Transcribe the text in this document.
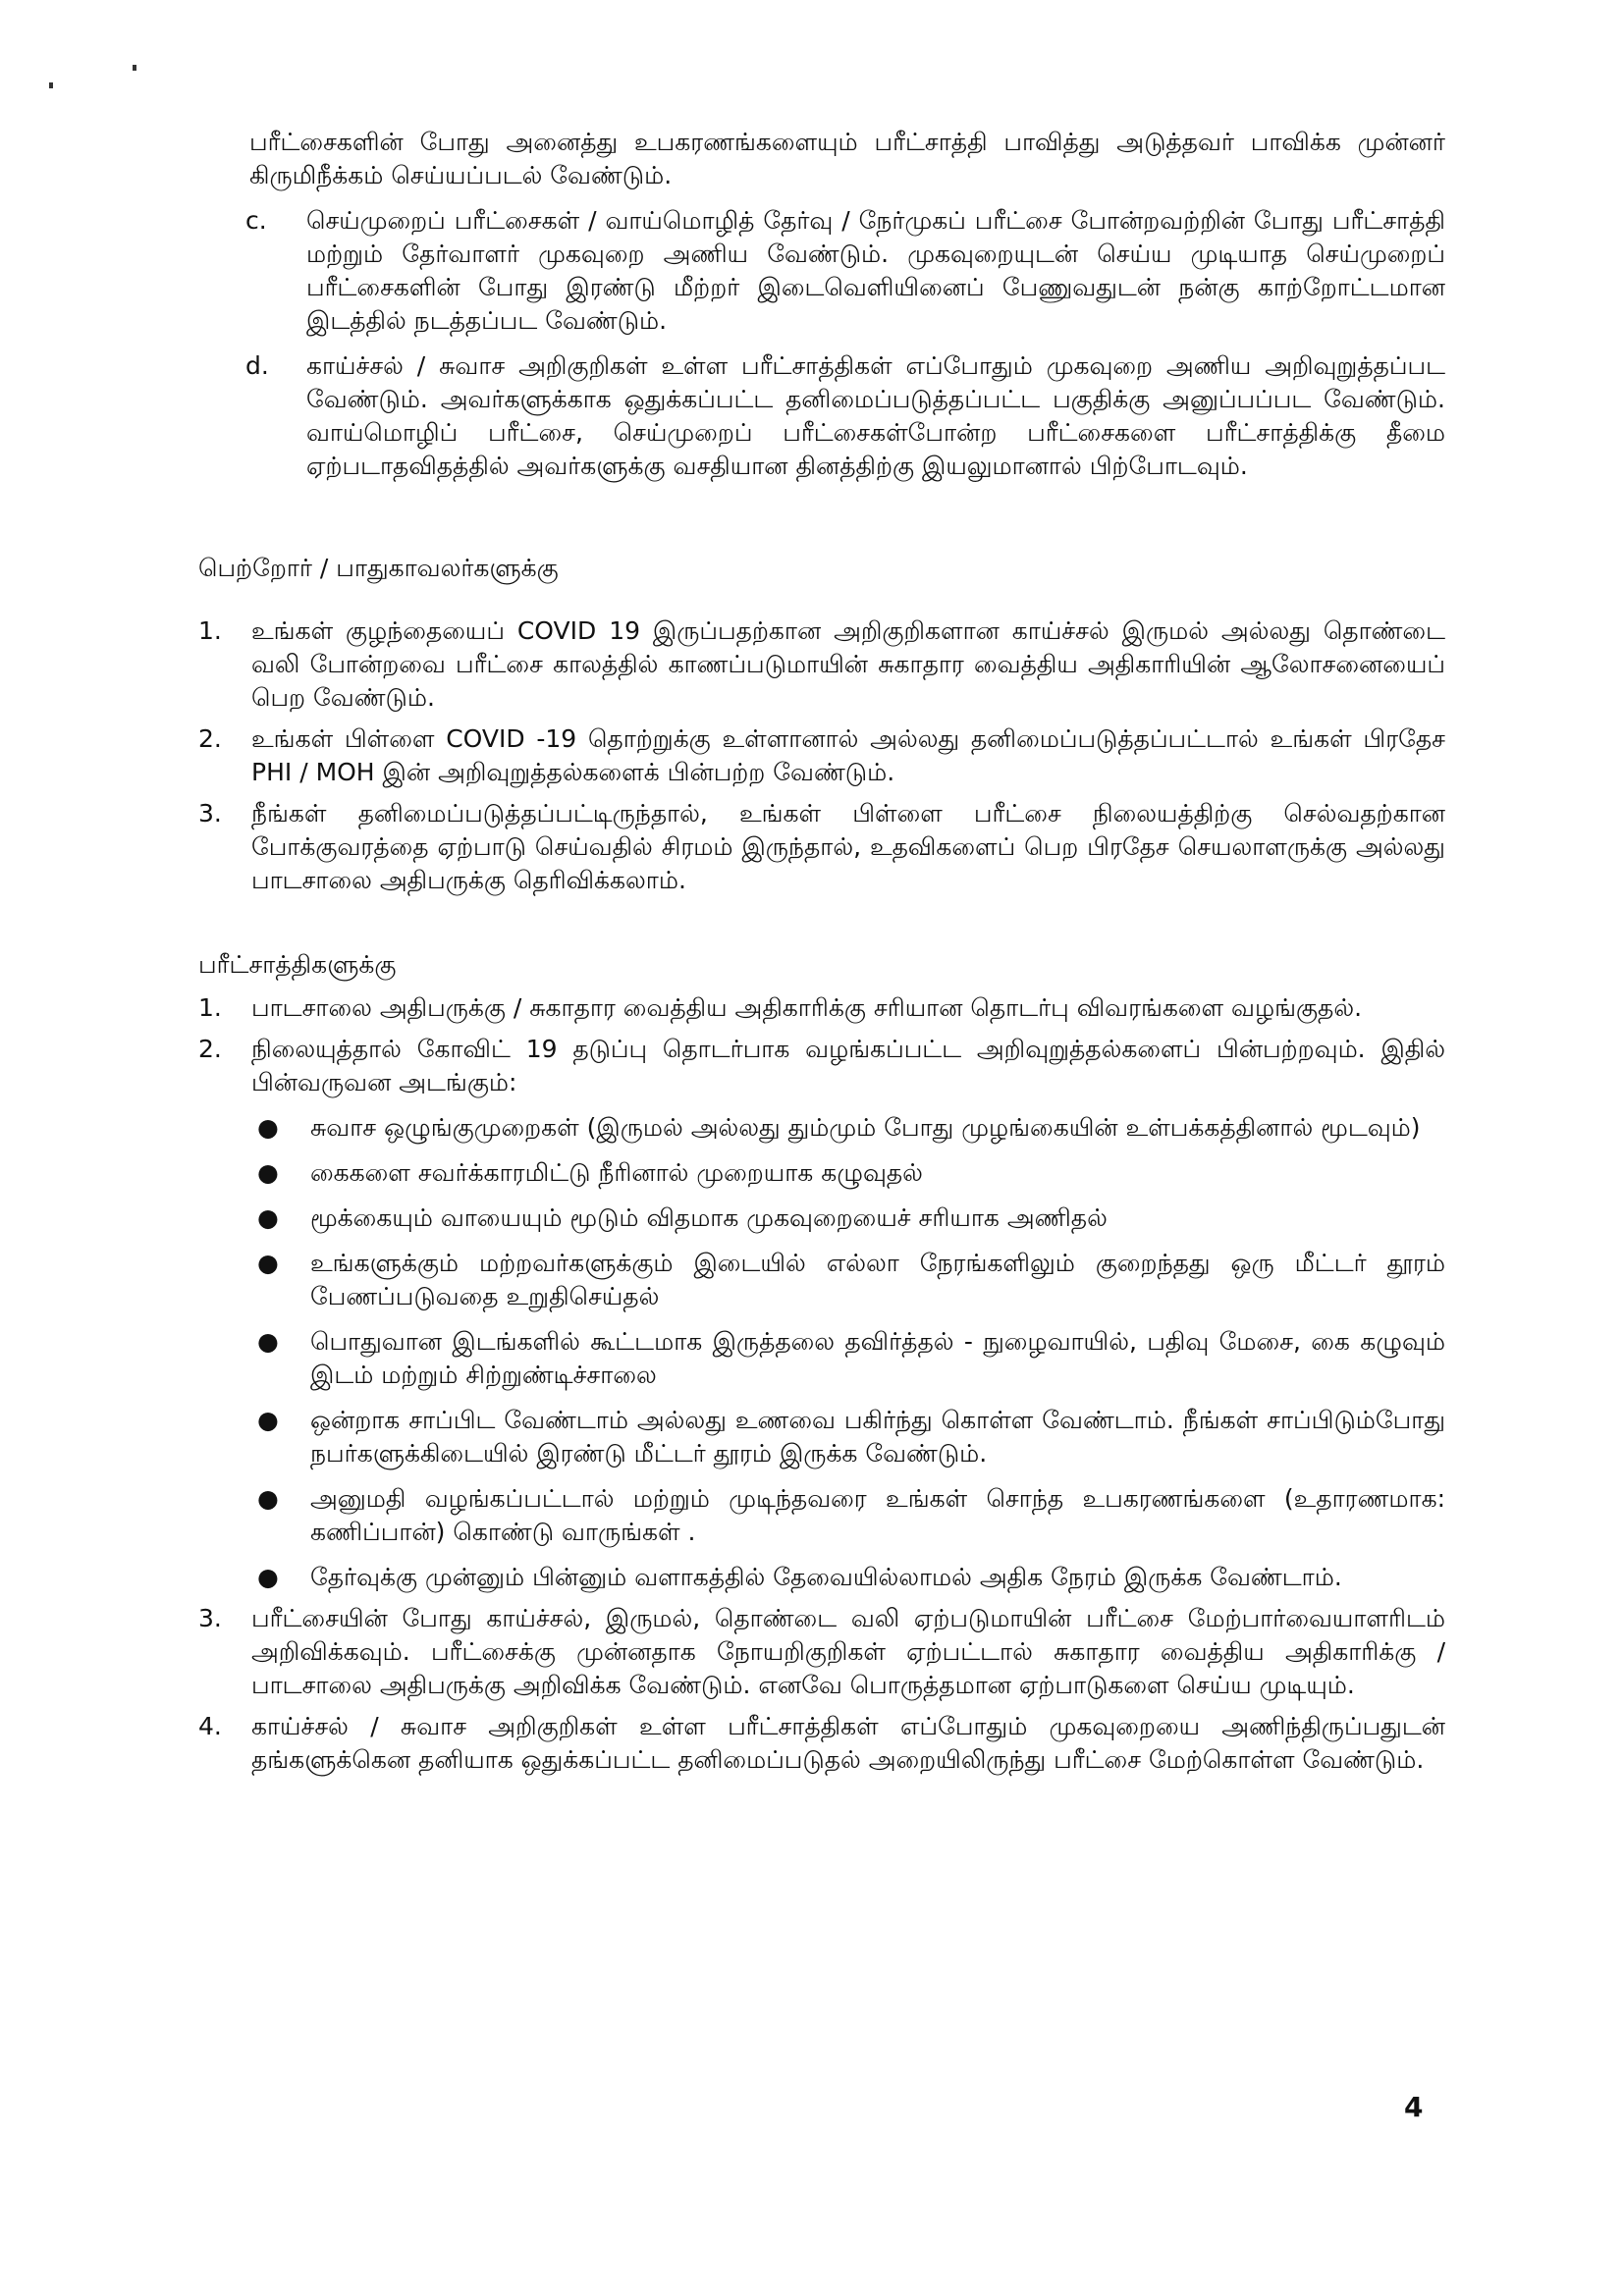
பரீட்சைகளின் போது அனைத்து உபகரணங்களையும் பரீட்சாத்தி பாவித்து அடுத்தவர் பாவிக்க முன்னர் கிருமிநீக்கம் செய்யப்படல் வேண்டும்.
c. செய்முறைப் பரீட்சைகள் / வாய்மொழித் தேர்வு / நேர்முகப் பரீட்சை போன்றவற்றின் போது பரீட்சாத்தி மற்றும் தேர்வாளர் முகவுறை அணிய வேண்டும். முகவுறையுடன் செய்ய முடியாத செய்முறைப் பரீட்சைகளின் போது இரண்டு மீற்றர் இடைவெளியினைப் பேணுவதுடன் நன்கு காற்றோட்டமான இடத்தில் நடத்தப்பட வேண்டும்.
d. காய்ச்சல் / சுவாச அறிகுறிகள் உள்ள பரீட்சாத்திகள் எப்போதும் முகவுறை அணிய அறிவுறுத்தப்பட வேண்டும். அவர்களுக்காக ஒதுக்கப்பட்ட தனிமைப்படுத்தப்பட்ட பகுதிக்கு அனுப்பப்பட வேண்டும். வாய்மொழிப் பரீட்சை, செய்முறைப் பரீட்சைகள்போன்ற பரீட்சைகளை பரீட்சாத்திக்கு தீமை ஏற்படாதவிதத்தில் அவர்களுக்கு வசதியான தினத்திற்கு இயலுமானால் பிற்போடவும்.
பெற்றோர் / பாதுகாவலர்களுக்கு
1. உங்கள் குழந்தையைப் COVID 19 இருப்பதற்கான அறிகுறிகளான காய்ச்சல் இருமல் அல்லது தொண்டை வலி போன்றவை பரீட்சை காலத்தில் காணப்படுமாயின் சுகாதார வைத்திய அதிகாரியின் ஆலோசனையைப் பெற வேண்டும்.
2. உங்கள் பிள்ளை COVID -19 தொற்றுக்கு உள்ளானால் அல்லது தனிமைப்படுத்தப்பட்டால் உங்கள் பிரதேச PHI / MOH இன் அறிவுறுத்தல்களைக் பின்பற்ற வேண்டும்.
3. நீங்கள் தனிமைப்படுத்தப்பட்டிருந்தால், உங்கள் பிள்ளை பரீட்சை நிலையத்திற்கு செல்வதற்கான போக்குவரத்தை ஏற்பாடு செய்வதில் சிரமம் இருந்தால், உதவிகளைப் பெற பிரதேச செயலாளருக்கு அல்லது பாடசாலை அதிபருக்கு தெரிவிக்கலாம்.
பரீட்சாத்திகளுக்கு
1. பாடசாலை அதிபருக்கு / சுகாதார வைத்திய அதிகாரிக்கு சரியான தொடர்பு விவரங்களை வழங்குதல்.
2. நிலையுத்தால் கோவிட் 19 தடுப்பு தொடர்பாக வழங்கப்பட்ட அறிவுறுத்தல்களைப் பின்பற்றவும். இதில் பின்வருவன அடங்கும்:
● சுவாச ஒழுங்குமுறைகள் (இருமல் அல்லது தும்மும் போது முழங்கையின் உள்பக்கத்தினால் மூடவும்)
● கைகளை சவர்க்காரமிட்டு நீரினால் முறையாக கழுவுதல்
● மூக்கையும் வாயையும் மூடும் விதமாக முகவுறையைச் சரியாக அணிதல்
● உங்களுக்கும் மற்றவர்களுக்கும் இடையில் எல்லா நேரங்களிலும் குறைந்தது ஒரு மீட்டர் தூரம் பேணப்படுவதை உறுதிசெய்தல்
● பொதுவான இடங்களில் கூட்டமாக இருத்தலை தவிர்த்தல் - நுழைவாயில், பதிவு மேசை, கை கழுவும் இடம் மற்றும் சிற்றுண்டிச்சாலை
● ஒன்றாக சாப்பிட வேண்டாம் அல்லது உணவை பகிர்ந்து கொள்ள வேண்டாம். நீங்கள் சாப்பிடும்போது நபர்களுக்கிடையில் இரண்டு மீட்டர் தூரம் இருக்க வேண்டும்.
● அனுமதி வழங்கப்பட்டால் மற்றும் முடிந்தவரை உங்கள் சொந்த உபகரணங்களை (உதாரணமாக: கணிப்பான்) கொண்டு வாருங்கள் .
● தேர்வுக்கு முன்னும் பின்னும் வளாகத்தில் தேவையில்லாமல் அதிக நேரம் இருக்க வேண்டாம்.
3. பரீட்சையின் போது காய்ச்சல், இருமல், தொண்டை வலி ஏற்படுமாயின் பரீட்சை மேற்பார்வையாளரிடம் அறிவிக்கவும். பரீட்சைக்கு முன்னதாக நோயறிகுறிகள் ஏற்பட்டால் சுகாதார வைத்திய அதிகாரிக்கு / பாடசாலை அதிபருக்கு அறிவிக்க வேண்டும். எனவே பொருத்தமான ஏற்பாடுகளை செய்ய முடியும்.
4. காய்ச்சல் / சுவாச அறிகுறிகள் உள்ள பரீட்சாத்திகள் எப்போதும் முகவுறையை அணிந்திருப்பதுடன் தங்களுக்கென தனியாக ஒதுக்கப்பட்ட தனிமைப்படுதல் அறையிலிருந்து பரீட்சை மேற்கொள்ள வேண்டும்.
4
